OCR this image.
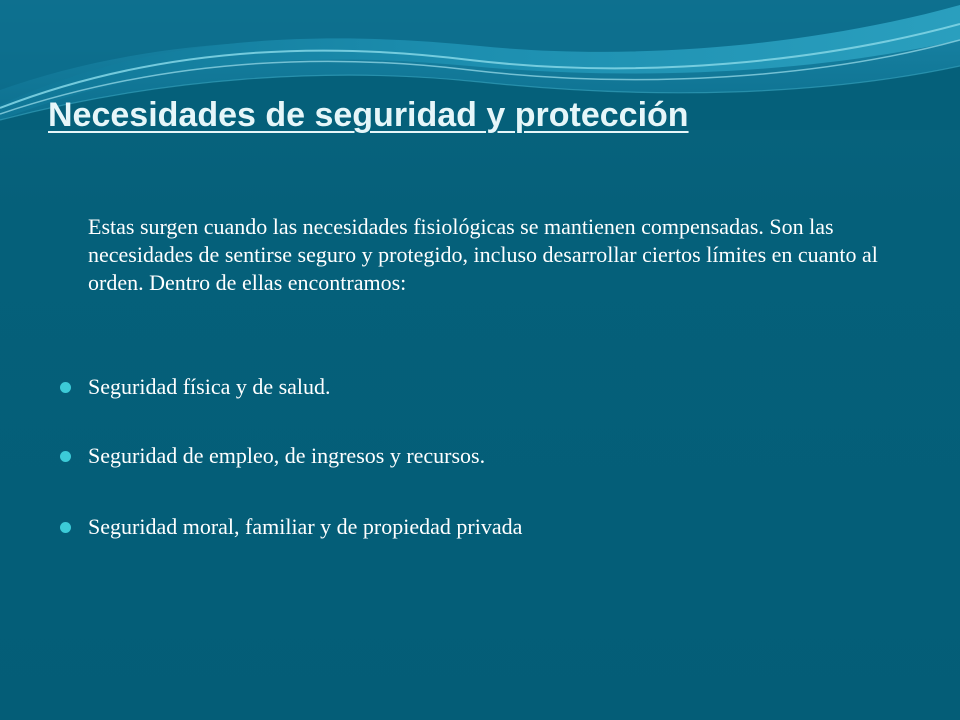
Necesidades de seguridad y protección

Estas surgen cuando las necesidades fisiológicas se mantienen compensadas. Son las necesidades de sentirse seguro y protegido, incluso desarrollar ciertos límites en cuanto al orden. Dentro de ellas encontramos:

Seguridad física y de salud.
Seguridad de empleo, de ingresos y recursos.
Seguridad moral, familiar y de propiedad privada
